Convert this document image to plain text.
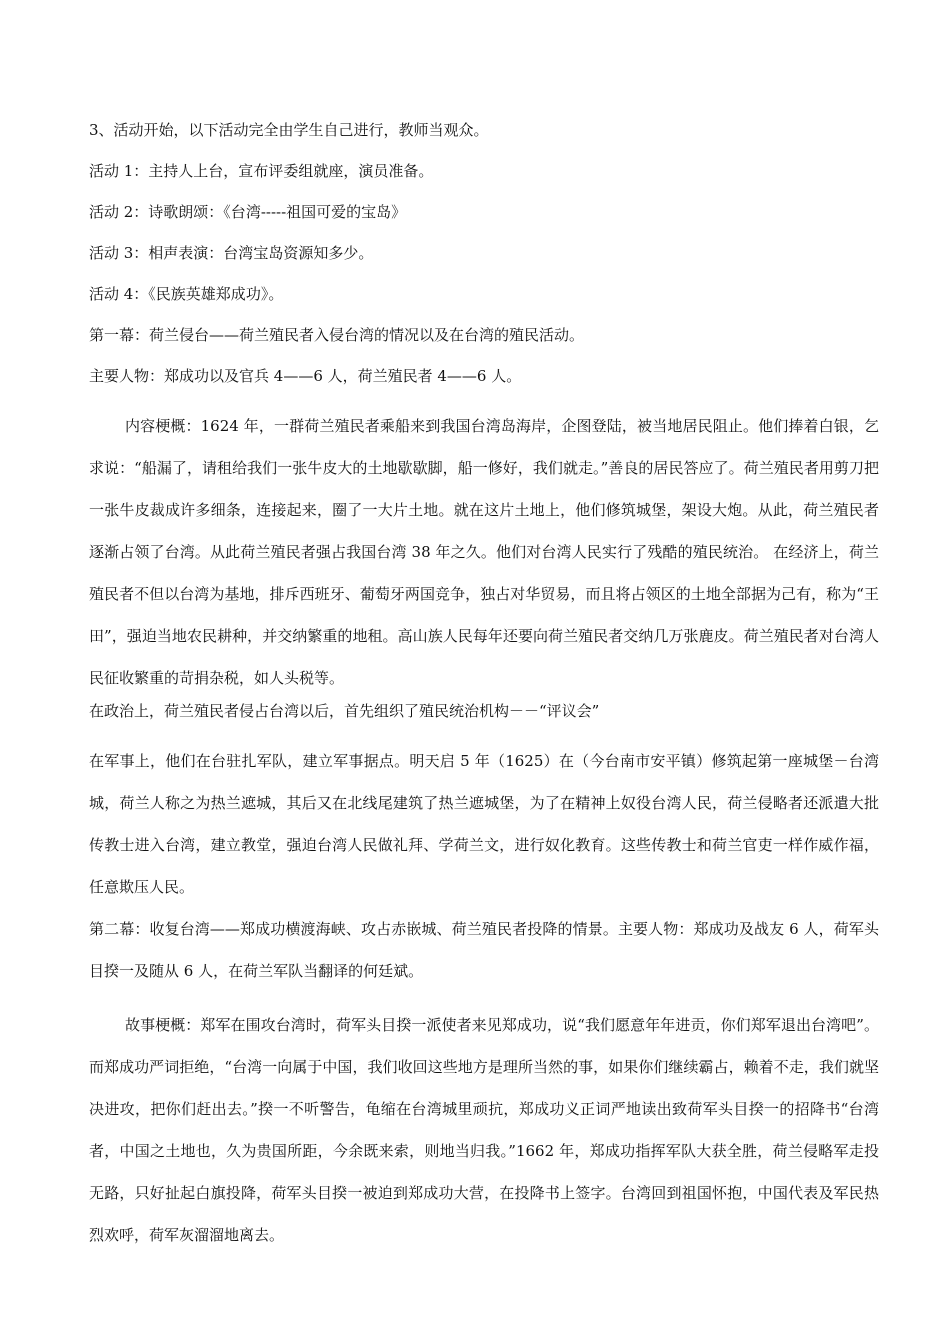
3、活动开始，以下活动完全由学生自己进行，教师当观众。

活动 1：主持人上台，宣布评委组就座，演员准备。

活动 2：诗歌朗颂：《台湾-----祖国可爱的宝岛》

活动 3：相声表演：台湾宝岛资源知多少。

活动 4：《民族英雄郑成功》。

第一幕：荷兰侵台——荷兰殖民者入侵台湾的情况以及在台湾的殖民活动。

主要人物：郑成功以及官兵 4——6 人，荷兰殖民者 4——6 人。

内容梗概：1624 年，一群荷兰殖民者乘船来到我国台湾岛海岸，企图登陆，被当地居民阻止。他们捧着白银，乞求说：“船漏了，请租给我们一张牛皮大的土地歇歇脚，船一修好，我们就走。”善良的居民答应了。荷兰殖民者用剪刀把一张牛皮裁成许多细条，连接起来，圈了一大片土地。就在这片土地上，他们修筑城堡，架设大炮。从此，荷兰殖民者逐渐占领了台湾。从此荷兰殖民者强占我国台湾 38 年之久。他们对台湾人民实行了残酷的殖民统治。 在经济上，荷兰殖民者不但以台湾为基地，排斥西班牙、葡萄牙两国竞争，独占对华贸易，而且将占领区的土地全部据为己有，称为“王田”，强迫当地农民耕种，并交纳繁重的地租。高山族人民每年还要向荷兰殖民者交纳几万张鹿皮。荷兰殖民者对台湾人民征收繁重的苛捐杂税，如人头税等。

在政治上，荷兰殖民者侵占台湾以后，首先组织了殖民统治机构－－“评议会”

在军事上，他们在台驻扎军队，建立军事据点。明天启 5 年（1625）在（今台南市安平镇）修筑起第一座城堡－台湾城，荷兰人称之为热兰遮城，其后又在北线尾建筑了热兰遮城堡，为了在精神上奴役台湾人民，荷兰侵略者还派遣大批传教士进入台湾，建立教堂，强迫台湾人民做礼拜、学荷兰文，进行奴化教育。这些传教士和荷兰官吏一样作威作福，任意欺压人民。

第二幕：收复台湾——郑成功横渡海峡、攻占赤嵌城、荷兰殖民者投降的情景。主要人物：郑成功及战友 6 人，荷军头目揆一及随从 6 人，在荷兰军队当翻译的何廷斌。

故事梗概：郑军在围攻台湾时，荷军头目揆一派使者来见郑成功，说“我们愿意年年进贡，你们郑军退出台湾吧”。而郑成功严词拒绝，“台湾一向属于中国，我们收回这些地方是理所当然的事，如果你们继续霸占，赖着不走，我们就坚决进攻，把你们赶出去。”揆一不听警告，龟缩在台湾城里顽抗，郑成功义正词严地读出致荷军头目揆一的招降书“台湾者，中国之土地也，久为贵国所距，今余既来索，则地当归我。”1662 年，郑成功指挥军队大获全胜，荷兰侵略军走投无路，只好扯起白旗投降，荷军头目揆一被迫到郑成功大营，在投降书上签字。台湾回到祖国怀抱，中国代表及军民热烈欢呼，荷军灰溜溜地离去。
